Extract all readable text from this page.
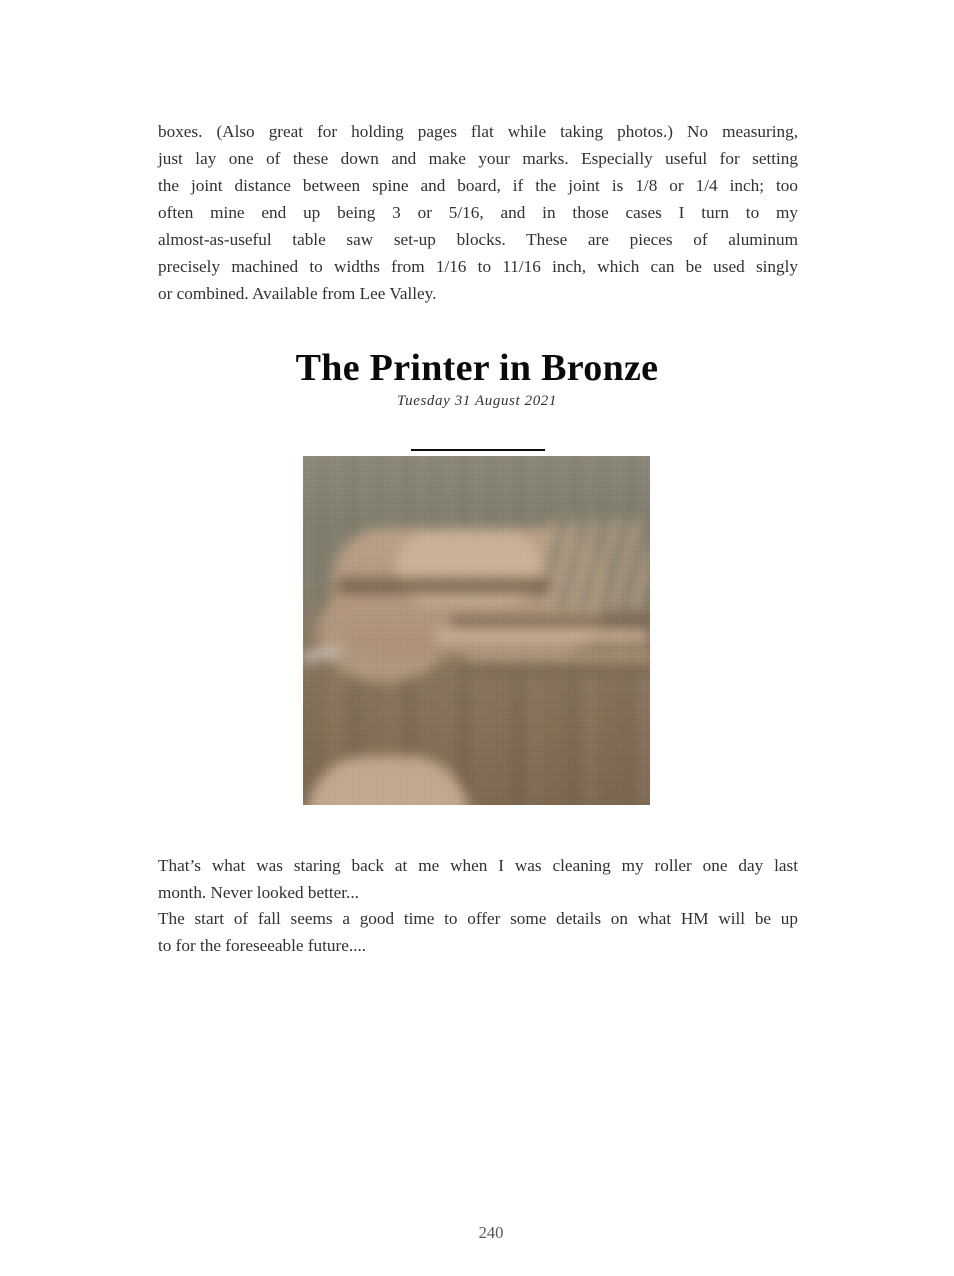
boxes. (Also great for holding pages flat while taking photos.) No measuring,
just lay one of these down and make your marks. Especially useful for setting
the joint distance between spine and board, if the joint is 1/8 or 1/4 inch; too
often mine end up being 3 or 5/16, and in those cases I turn to my
almost-as-useful table saw set-up blocks. These are pieces of aluminum
precisely machined to widths from 1/16 to 11/16 inch, which can be used singly
or combined. Available from Lee Valley.
The Printer in Bronze
Tuesday 31 August 2021
That’s what was staring back at me when I was cleaning my roller one day last
month. Never looked better...
The start of fall seems a good time to offer some details on what HM will be up
to for the foreseeable future....
240
